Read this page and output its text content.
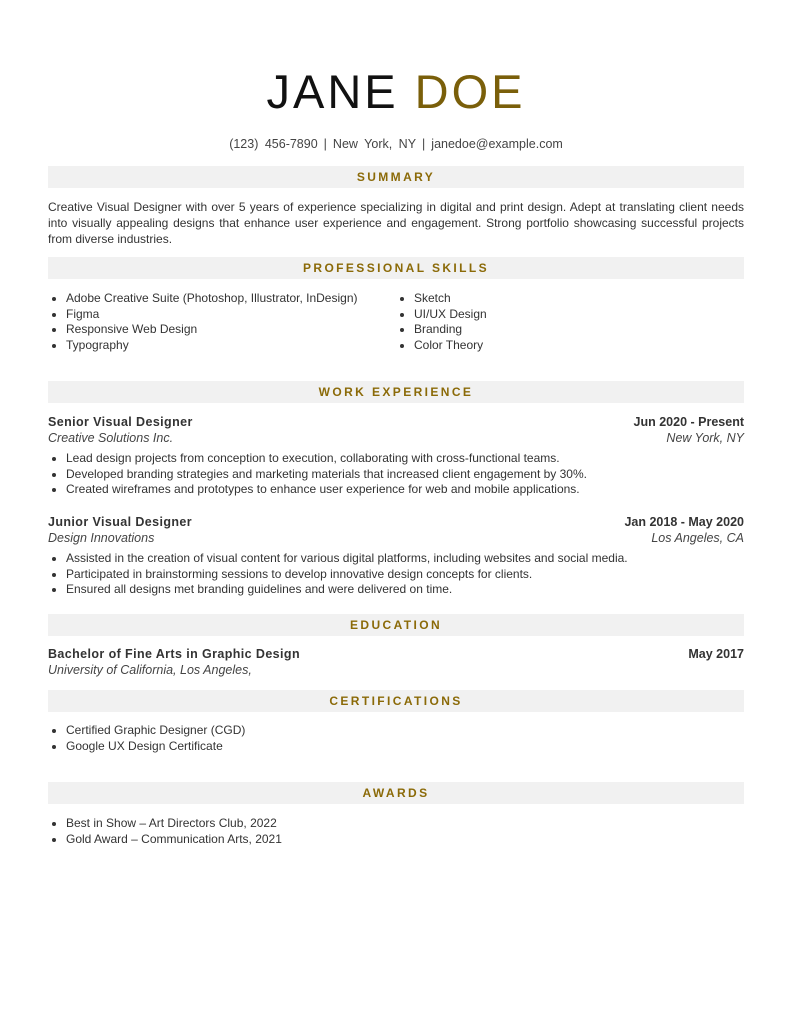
JANE DOE
(123) 456-7890 | New York, NY | janedoe@example.com
SUMMARY
Creative Visual Designer with over 5 years of experience specializing in digital and print design. Adept at translating client needs into visually appealing designs that enhance user experience and engagement. Strong portfolio showcasing successful projects from diverse industries.
PROFESSIONAL SKILLS
Adobe Creative Suite (Photoshop, Illustrator, InDesign)
Figma
Responsive Web Design
Typography
Sketch
UI/UX Design
Branding
Color Theory
WORK EXPERIENCE
Senior Visual Designer	Jun 2020 - Present
Creative Solutions Inc.	New York, NY
Lead design projects from conception to execution, collaborating with cross-functional teams.
Developed branding strategies and marketing materials that increased client engagement by 30%.
Created wireframes and prototypes to enhance user experience for web and mobile applications.
Junior Visual Designer	Jan 2018 - May 2020
Design Innovations	Los Angeles, CA
Assisted in the creation of visual content for various digital platforms, including websites and social media.
Participated in brainstorming sessions to develop innovative design concepts for clients.
Ensured all designs met branding guidelines and were delivered on time.
EDUCATION
Bachelor of Fine Arts in Graphic Design	May 2017
University of California, Los Angeles,
CERTIFICATIONS
Certified Graphic Designer (CGD)
Google UX Design Certificate
AWARDS
Best in Show – Art Directors Club, 2022
Gold Award – Communication Arts, 2021
